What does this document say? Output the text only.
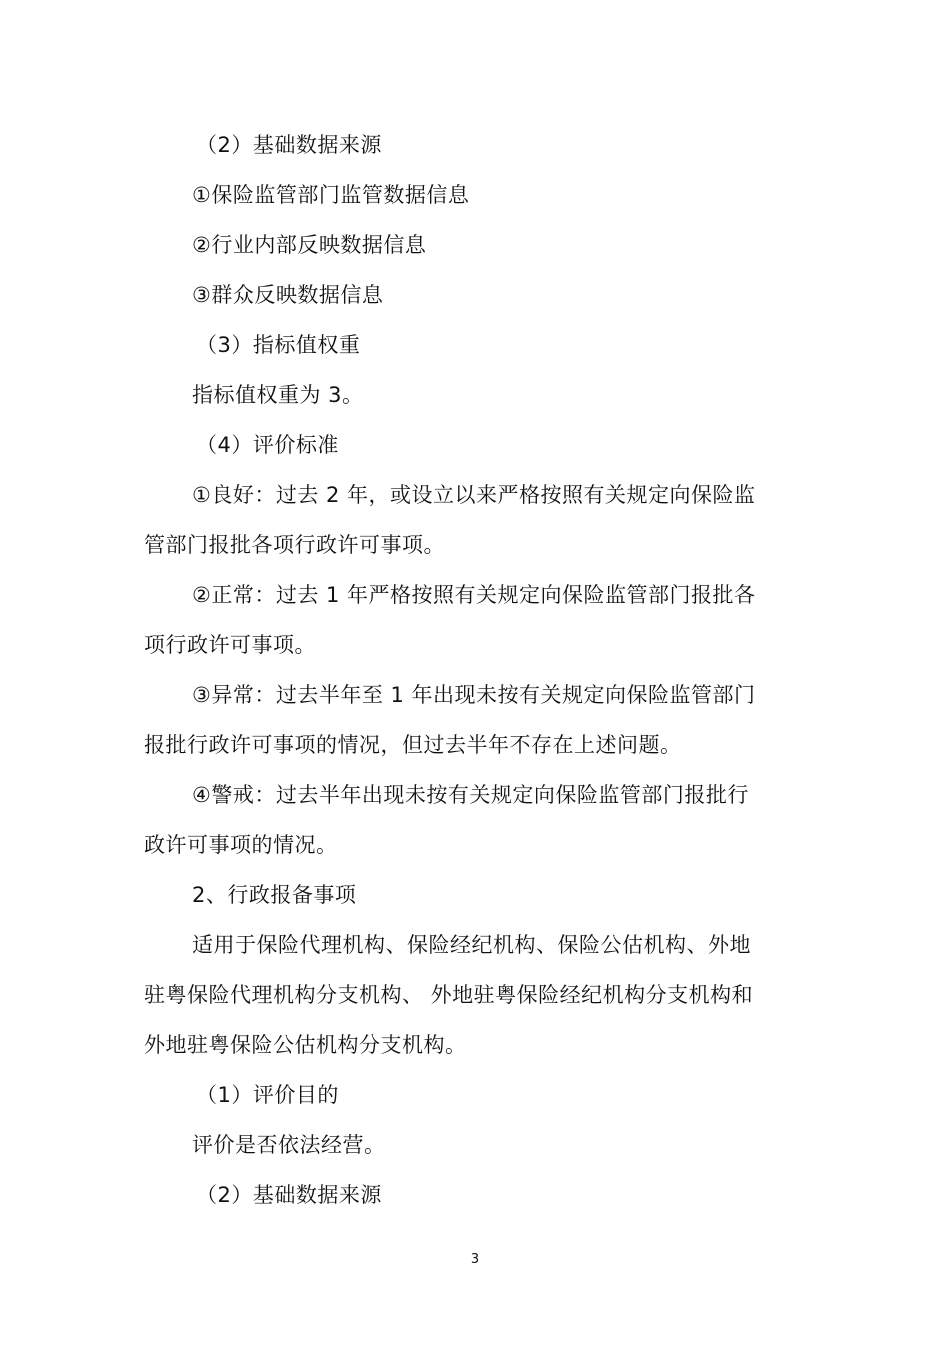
（2）基础数据来源
①保险监管部门监管数据信息
②行业内部反映数据信息
③群众反映数据信息
（3）指标值权重
指标值权重为 3。
（4）评价标准
①良好：过去 2 年，或设立以来严格按照有关规定向保险监
管部门报批各项行政许可事项。
②正常：过去 1 年严格按照有关规定向保险监管部门报批各
项行政许可事项。
③异常：过去半年至 1 年出现未按有关规定向保险监管部门
报批行政许可事项的情况，但过去半年不存在上述问题。
④警戒：过去半年出现未按有关规定向保险监管部门报批行
政许可事项的情况。
2、行政报备事项
适用于保险代理机构、保险经纪机构、保险公估机构、外地
驻粤保险代理机构分支机构、 外地驻粤保险经纪机构分支机构和
外地驻粤保险公估机构分支机构。
（1）评价目的
评价是否依法经营。
（2）基础数据来源
3
